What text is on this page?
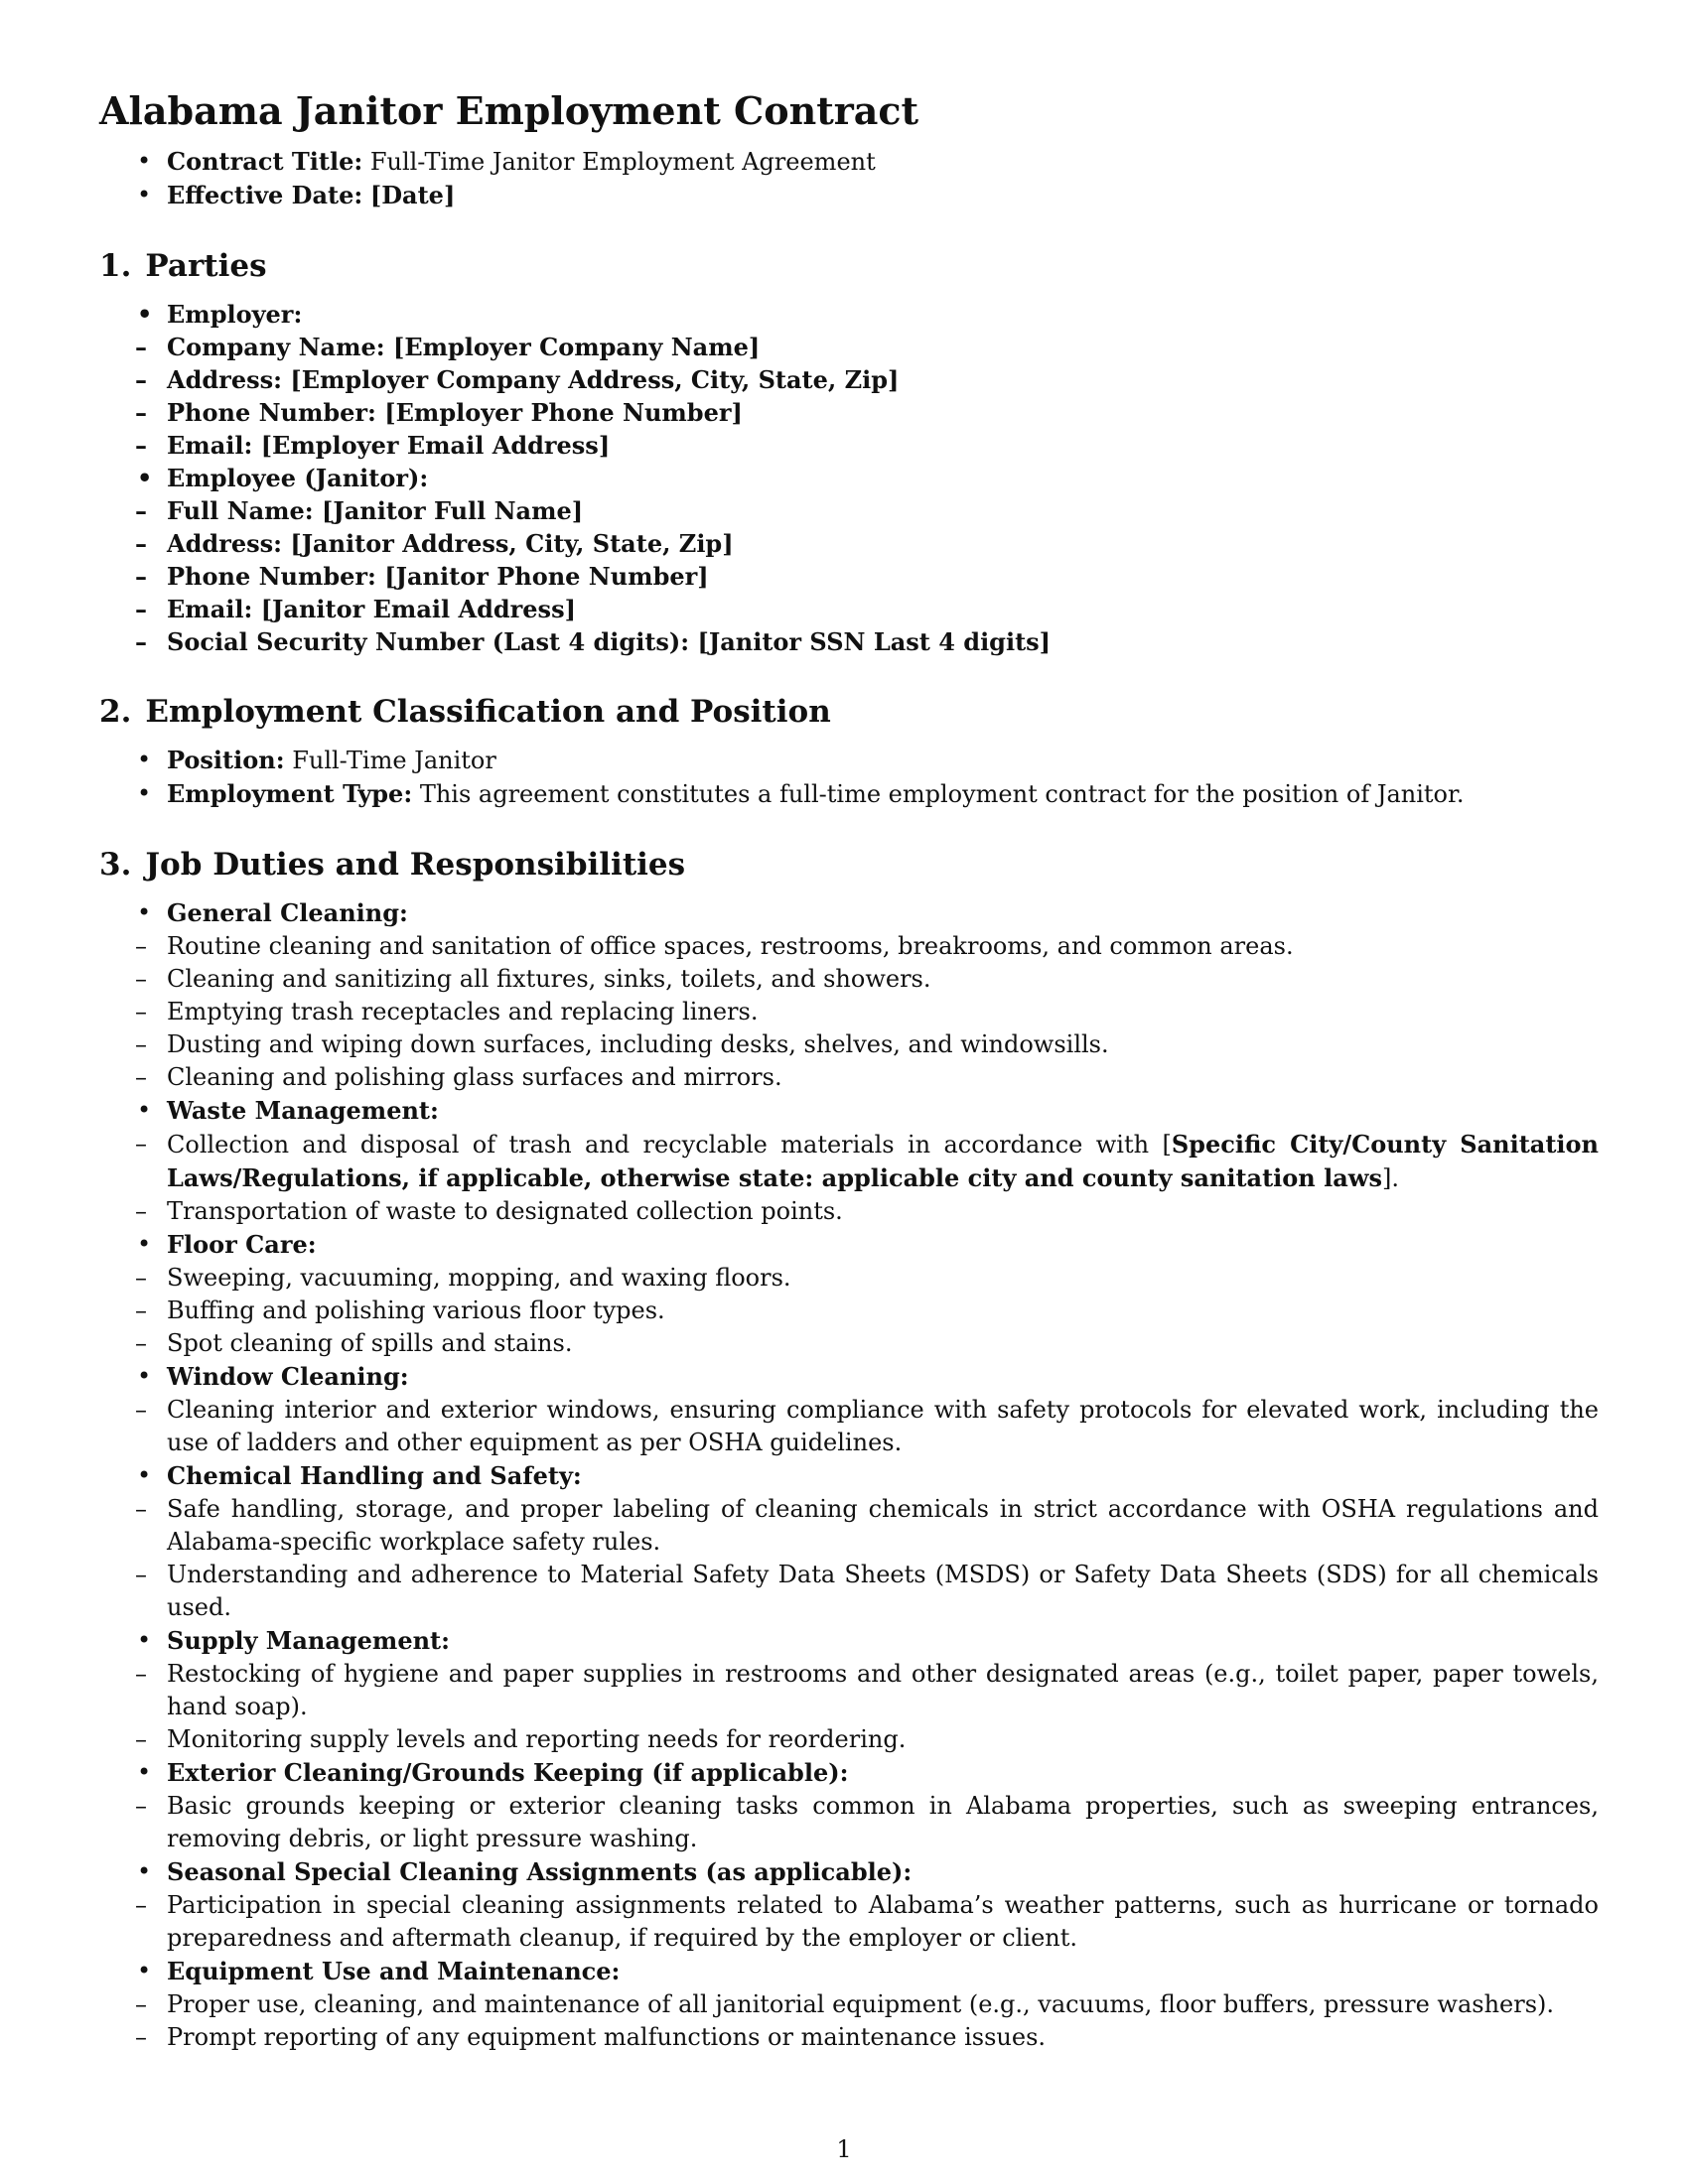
Alabama Janitor Employment Contract
• Contract Title: Full-Time Janitor Employment Agreement
• Effective Date: [Date]
1. Parties
• Employer:
– Company Name: [Employer Company Name]
– Address: [Employer Company Address, City, State, Zip]
– Phone Number: [Employer Phone Number]
– Email: [Employer Email Address]
• Employee (Janitor):
– Full Name: [Janitor Full Name]
– Address: [Janitor Address, City, State, Zip]
– Phone Number: [Janitor Phone Number]
– Email: [Janitor Email Address]
– Social Security Number (Last 4 digits): [Janitor SSN Last 4 digits]
2. Employment Classification and Position
• Position: Full-Time Janitor
• Employment Type: This agreement constitutes a full-time employment contract for the position of Janitor.
3. Job Duties and Responsibilities
• General Cleaning:
– Routine cleaning and sanitation of office spaces, restrooms, breakrooms, and common areas.
– Cleaning and sanitizing all fixtures, sinks, toilets, and showers.
– Emptying trash receptacles and replacing liners.
– Dusting and wiping down surfaces, including desks, shelves, and windowsills.
– Cleaning and polishing glass surfaces and mirrors.
• Waste Management:
– Collection and disposal of trash and recyclable materials in accordance with [Specific City/County Sanitation Laws/Regulations, if applicable, otherwise state: applicable city and county sanitation laws].
– Transportation of waste to designated collection points.
• Floor Care:
– Sweeping, vacuuming, mopping, and waxing floors.
– Buffing and polishing various floor types.
– Spot cleaning of spills and stains.
• Window Cleaning:
– Cleaning interior and exterior windows, ensuring compliance with safety protocols for elevated work, including the use of ladders and other equipment as per OSHA guidelines.
• Chemical Handling and Safety:
– Safe handling, storage, and proper labeling of cleaning chemicals in strict accordance with OSHA regulations and Alabama-specific workplace safety rules.
– Understanding and adherence to Material Safety Data Sheets (MSDS) or Safety Data Sheets (SDS) for all chemicals used.
• Supply Management:
– Restocking of hygiene and paper supplies in restrooms and other designated areas (e.g., toilet paper, paper towels, hand soap).
– Monitoring supply levels and reporting needs for reordering.
• Exterior Cleaning/Grounds Keeping (if applicable):
– Basic grounds keeping or exterior cleaning tasks common in Alabama properties, such as sweeping entrances, removing debris, or light pressure washing.
• Seasonal Special Cleaning Assignments (as applicable):
– Participation in special cleaning assignments related to Alabama’s weather patterns, such as hurricane or tornado preparedness and aftermath cleanup, if required by the employer or client.
• Equipment Use and Maintenance:
– Proper use, cleaning, and maintenance of all janitorial equipment (e.g., vacuums, floor buffers, pressure washers).
– Prompt reporting of any equipment malfunctions or maintenance issues.
1
